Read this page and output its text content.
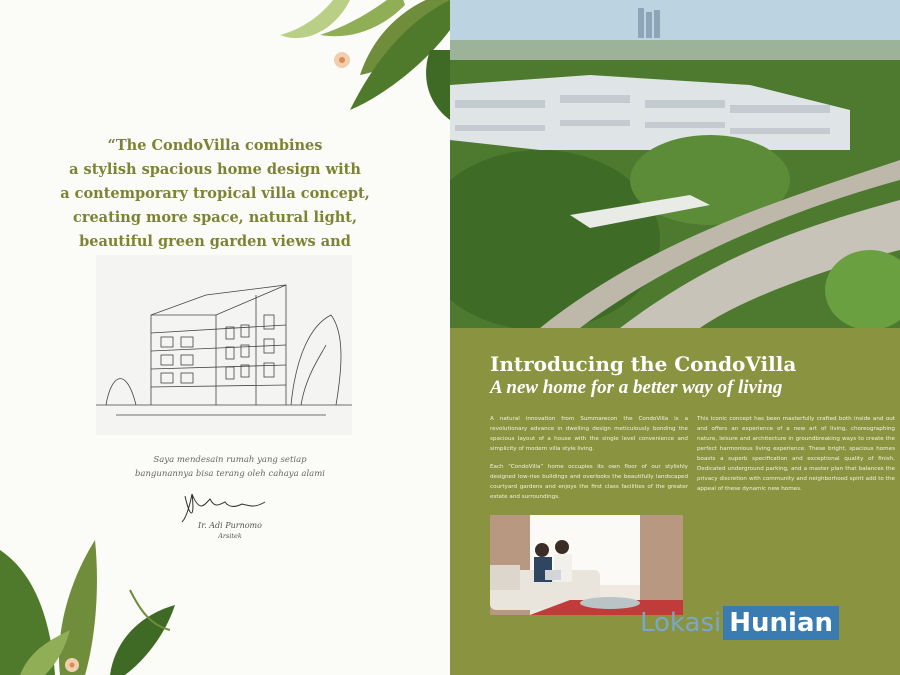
“The CondoVilla combines
a stylish spacious home design with
a contemporary tropical villa concept,
creating more space, natural light,
beautiful green garden views and
enhanced privacy.”
Saya mendesain rumah yang setiap
bangunannya bisa terang oleh cahaya alami
Ir. Adi Purnomo
Arsitek
Introducing the CondoVilla
A new home for a better way of living

A natural innovation from Summarecon the CondoVilla is a revolutionary advance in dwelling design meticulously bonding the spacious layout of a house with the single level convenience and simplicity of modern villa style living.

Each “CondoVilla” home occupies its own floor of our stylishly designed low-rise buildings and overlooks the beautifully landscaped courtyard gardens and enjoys the first class facilities of the greater estate and surroundings.

This iconic concept has been masterfully crafted both inside and out and offers an experience of a new art of living, choreographing nature, leisure and architecture in groundbreaking ways to create the perfect harmonious living experience. These bright, spacious homes boasts a superb specification and exceptional quality of finish. Dedicated underground parking, and a master plan that balances the privacy discretion with community and neighborhood spirit add to the appeal of these dynamic new homes.

Lokasi Hunian
